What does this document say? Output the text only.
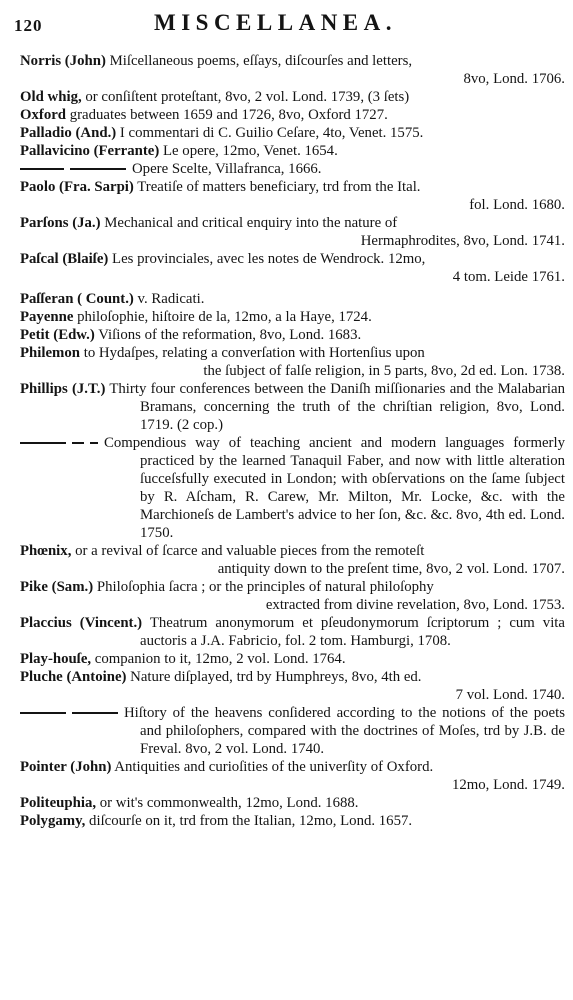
120	MISCELLANEA.
Norris (John) Miſcellaneous poems, eſſays, diſcourſes and letters,
8vo, Lond. 1706.
Old whig, or conſiſtent proteſtant, 8vo, 2 vol. Lond. 1739, (3 ſets)
Oxford graduates between 1659 and 1726, 8vo, Oxford 1727.
Palladio (And.) I commentari di C. Guilio Ceſare, 4to, Venet. 1575.
Pallavicino (Ferrante) Le opere, 12mo, Venet. 1654.
Opere Scelte, Villafranca, 1666.
Paolo (Fra. Sarpi) Treatiſe of matters beneficiary, trd from the Ital.
fol. Lond. 1680.
Parſons (Ja.) Mechanical and critical enquiry into the nature of
Hermaphrodites, 8vo, Lond. 1741.
Paſcal (Blaiſe) Les provinciales, avec les notes de Wendrock. 12mo,
4 tom. Leide 1761.
Paſſeran ( Count.) v. Radicati.
Payenne philoſophie, hiſtoire de la, 12mo, a la Haye, 1724.
Petit (Edw.) Viſions of the reformation, 8vo, Lond. 1683.
Philemon to Hydaſpes, relating a converſation with Hortenſius upon
the ſubject of falſe religion, in 5 parts, 8vo, 2d ed. Lon. 1738.
Phillips (J.T.) Thirty four conferences between the Daniſh miſſionaries and the Malabarian Bramans, concerning the truth of the chriſtian religion, 8vo, Lond. 1719. (2 cop.)
Compendious way of teaching ancient and modern languages formerly practiced by the learned Tanaquil Faber, and now with little alteration ſucceſsfully executed in London; with obſervations on the ſame ſubject by R. Aſcham, R. Carew, Mr. Milton, Mr. Locke, &c. with the Marchioneſs de Lambert's advice to her ſon, &c. &c. 8vo, 4th ed. Lond. 1750.
Phœnix, or a revival of ſcarce and valuable pieces from the remoteſt
antiquity down to the preſent time, 8vo, 2 vol. Lond. 1707.
Pike (Sam.) Philoſophia ſacra ; or the principles of natural philoſophy
extracted from divine revelation, 8vo, Lond. 1753.
Placcius (Vincent.) Theatrum anonymorum et pſeudonymorum ſcriptorum ; cum vita auctoris a J.A. Fabricio, fol. 2 tom. Hamburgi, 1708.
Play-houſe, companion to it, 12mo, 2 vol. Lond. 1764.
Pluche (Antoine) Nature diſplayed, trd by Humphreys, 8vo, 4th ed.
7 vol. Lond. 1740.
Hiſtory of the heavens conſidered according to the notions of the poets and philoſophers, compared with the doctrines of Moſes, trd by J.B. de Freval. 8vo, 2 vol. Lond. 1740.
Pointer (John) Antiquities and curioſities of the univerſity of Oxford.
12mo, Lond. 1749.
Politeuphia, or wit's commonwealth, 12mo, Lond. 1688.
Polygamy, diſcourſe on it, trd from the Italian, 12mo, Lond. 1657.
